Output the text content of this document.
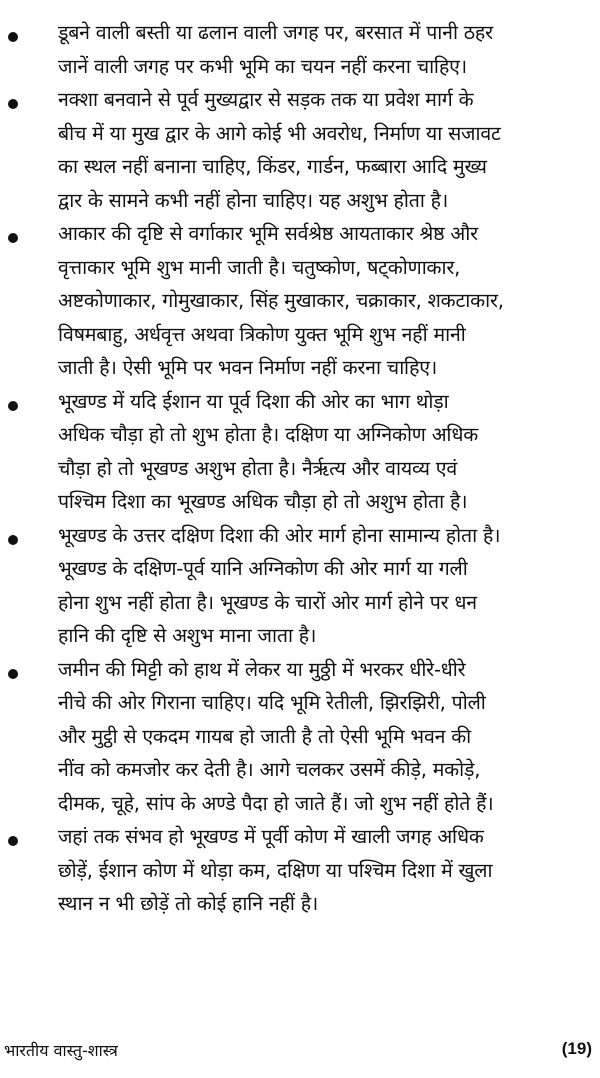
डूबने वाली बस्ती या ढलान वाली जगह पर, बरसात में पानी ठहर
जानें वाली जगह पर कभी भूमि का चयन नहीं करना चाहिए।
नक्शा बनवाने से पूर्व मुख्यद्वार से सड़क तक या प्रवेश मार्ग के
बीच में या मुख द्वार के आगे कोई भी अवरोध, निर्माण या सजावट
का स्थल नहीं बनाना चाहिए, किंडर, गार्डन, फब्बारा आदि मुख्य
द्वार के सामने कभी नहीं होना चाहिए। यह अशुभ होता है।
आकार की दृष्टि से वर्गाकार भूमि सर्वश्रेष्ठ आयताकार श्रेष्ठ और
वृत्ताकार भूमि शुभ मानी जाती है। चतुष्कोण, षट्कोणाकार,
अष्टकोणाकार, गोमुखाकार, सिंह मुखाकार, चक्राकार, शकटाकार,
विषमबाहु, अर्धवृत्त अथवा त्रिकोण युक्त भूमि शुभ नहीं मानी
जाती है। ऐसी भूमि पर भवन निर्माण नहीं करना चाहिए।
भूखण्ड में यदि ईशान या पूर्व दिशा की ओर का भाग थोड़ा
अधिक चौड़ा हो तो शुभ होता है। दक्षिण या अग्निकोण अधिक
चौड़ा हो तो भूखण्ड अशुभ होता है। नैर्ऋत्य और वायव्य एवं
पश्चिम दिशा का भूखण्ड अधिक चौड़ा हो तो अशुभ होता है।
भूखण्ड के उत्तर दक्षिण दिशा की ओर मार्ग होना सामान्य होता है।
भूखण्ड के दक्षिण-पूर्व यानि अग्निकोण की ओर मार्ग या गली
होना शुभ नहीं होता है। भूखण्ड के चारों ओर मार्ग होने पर धन
हानि की दृष्टि से अशुभ माना जाता है।
जमीन की मिट्टी को हाथ में लेकर या मुठ्ठी में भरकर धीरे-धीरे
नीचे की ओर गिराना चाहिए। यदि भूमि रेतीली, झिरझिरी, पोली
और मुट्ठी से एकदम गायब हो जाती है तो ऐसी भूमि भवन की
नींव को कमजोर कर देती है। आगे चलकर उसमें कीड़े, मकोड़े,
दीमक, चूहे, सांप के अण्डे पैदा हो जाते हैं। जो शुभ नहीं होते हैं।
जहां तक संभव हो भूखण्ड में पूर्वी कोण में खाली जगह अधिक
छोड़ें, ईशान कोण में थोड़ा कम, दक्षिण या पश्चिम दिशा में खुला
स्थान न भी छोड़ें तो कोई हानि नहीं है।
भारतीय वास्तु-शास्त्र	(19)
